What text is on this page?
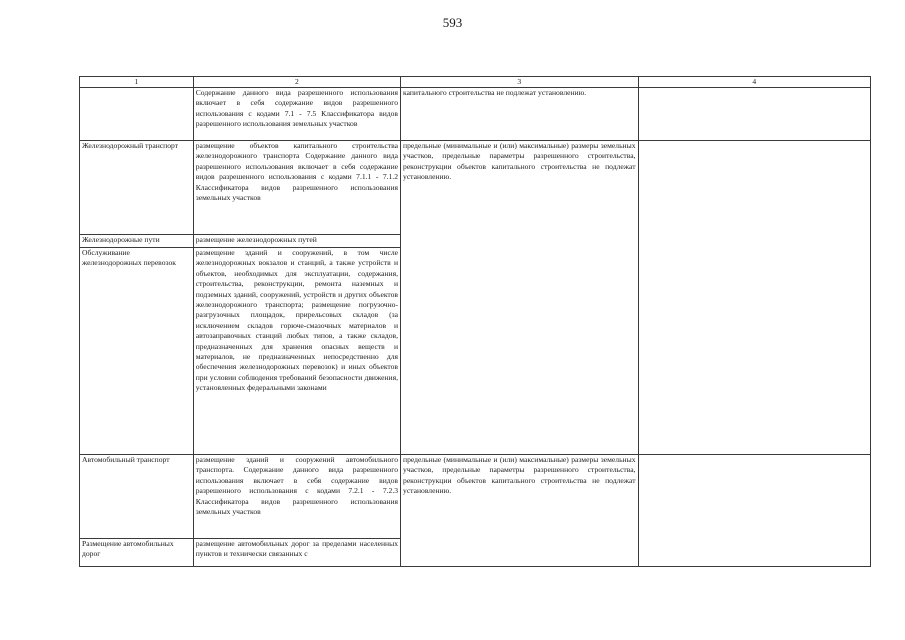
593
1	2	3	4
	Содержание данного вида разрешенного использования включает в себя содержание видов разрешенного использования с кодами 7.1 - 7.5 Классификатора видов разрешенного использования земельных участков	капитального строительства не подлежат установлению.	
Железнодорожный транспорт	размещение объектов капитального строительства железнодорожного транспорта Содержание данного вида разрешенного использования включает в себя содержание видов разрешенного использования с кодами 7.1.1 - 7.1.2 Классификатора видов разрешенного использования земельных участков	предельные (минимальные и (или) максимальные) размеры земельных участков, предельные параметры разрешенного строительства, реконструкции объектов капитального строительства не подлежат установлению.	
Железнодорожные пути	размещение железнодорожных путей		
Обслуживание железнодорожных перевозок	размещение зданий и сооружений, в том числе железнодорожных вокзалов и станций, а также устройств и объектов, необходимых для эксплуатации, содержания, строительства, реконструкции, ремонта наземных и подземных зданий, сооружений, устройств и других объектов железнодорожного транспорта; размещение погрузочно-разгрузочных площадок, прирельсовых складов (за исключением складов горюче-смазочных материалов и автозаправочных станций любых типов, а также складов, предназначенных для хранения опасных веществ и материалов, не предназначенных непосредственно для обеспечения железнодорожных перевозок) и иных объектов при условии соблюдения требований безопасности движения, установленных федеральными законами		
Автомобильный транспорт	размещение зданий и сооружений автомобильного транспорта. Содержание данного вида разрешенного использования включает в себя содержание видов разрешенного использования с кодами 7.2.1 - 7.2.3 Классификатора видов разрешенного использования земельных участков	предельные (минимальные и (или) максимальные) размеры земельных участков, предельные параметры разрешенного строительства, реконструкции объектов капитального строительства не подлежат установлению.	
Размещение автомобильных дорог	размещение автомобильных дорог за пределами населенных пунктов и технически связанных с		
